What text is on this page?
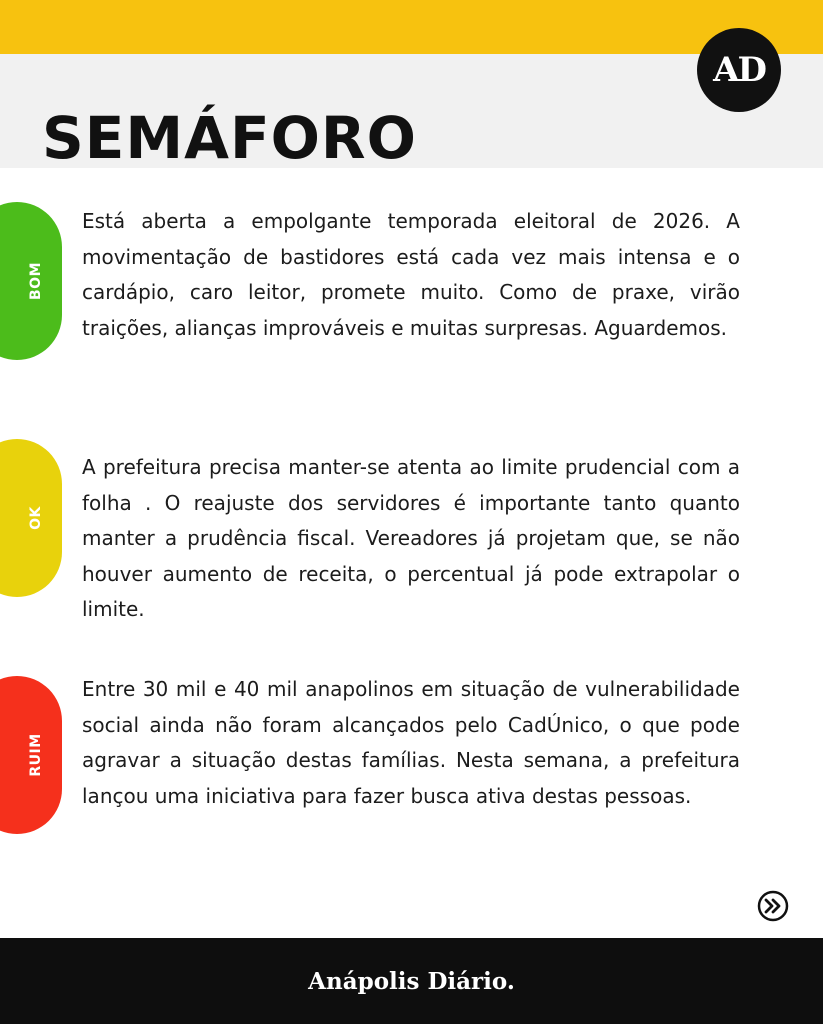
AD
SEMÁFORO
BOM

Está aberta a empolgante temporada eleitoral de 2026. A movimentação de bastidores está cada vez mais intensa e o cardápio, caro leitor, promete muito. Como de praxe, virão traições, alianças improváveis e muitas surpresas. Aguardemos.

OK

A prefeitura precisa manter-se atenta ao limite prudencial com a folha . O reajuste dos servidores é importante tanto quanto manter a prudência fiscal. Vereadores já projetam que, se não houver aumento de receita, o percentual já pode extrapolar o limite.

RUIM

Entre 30 mil e 40 mil anapolinos em situação de vulnerabilidade social ainda não foram alcançados pelo CadÚnico, o que pode agravar a situação destas famílias. Nesta semana, a prefeitura lançou uma iniciativa para fazer busca ativa destas pessoas.

Anápolis Diário.
